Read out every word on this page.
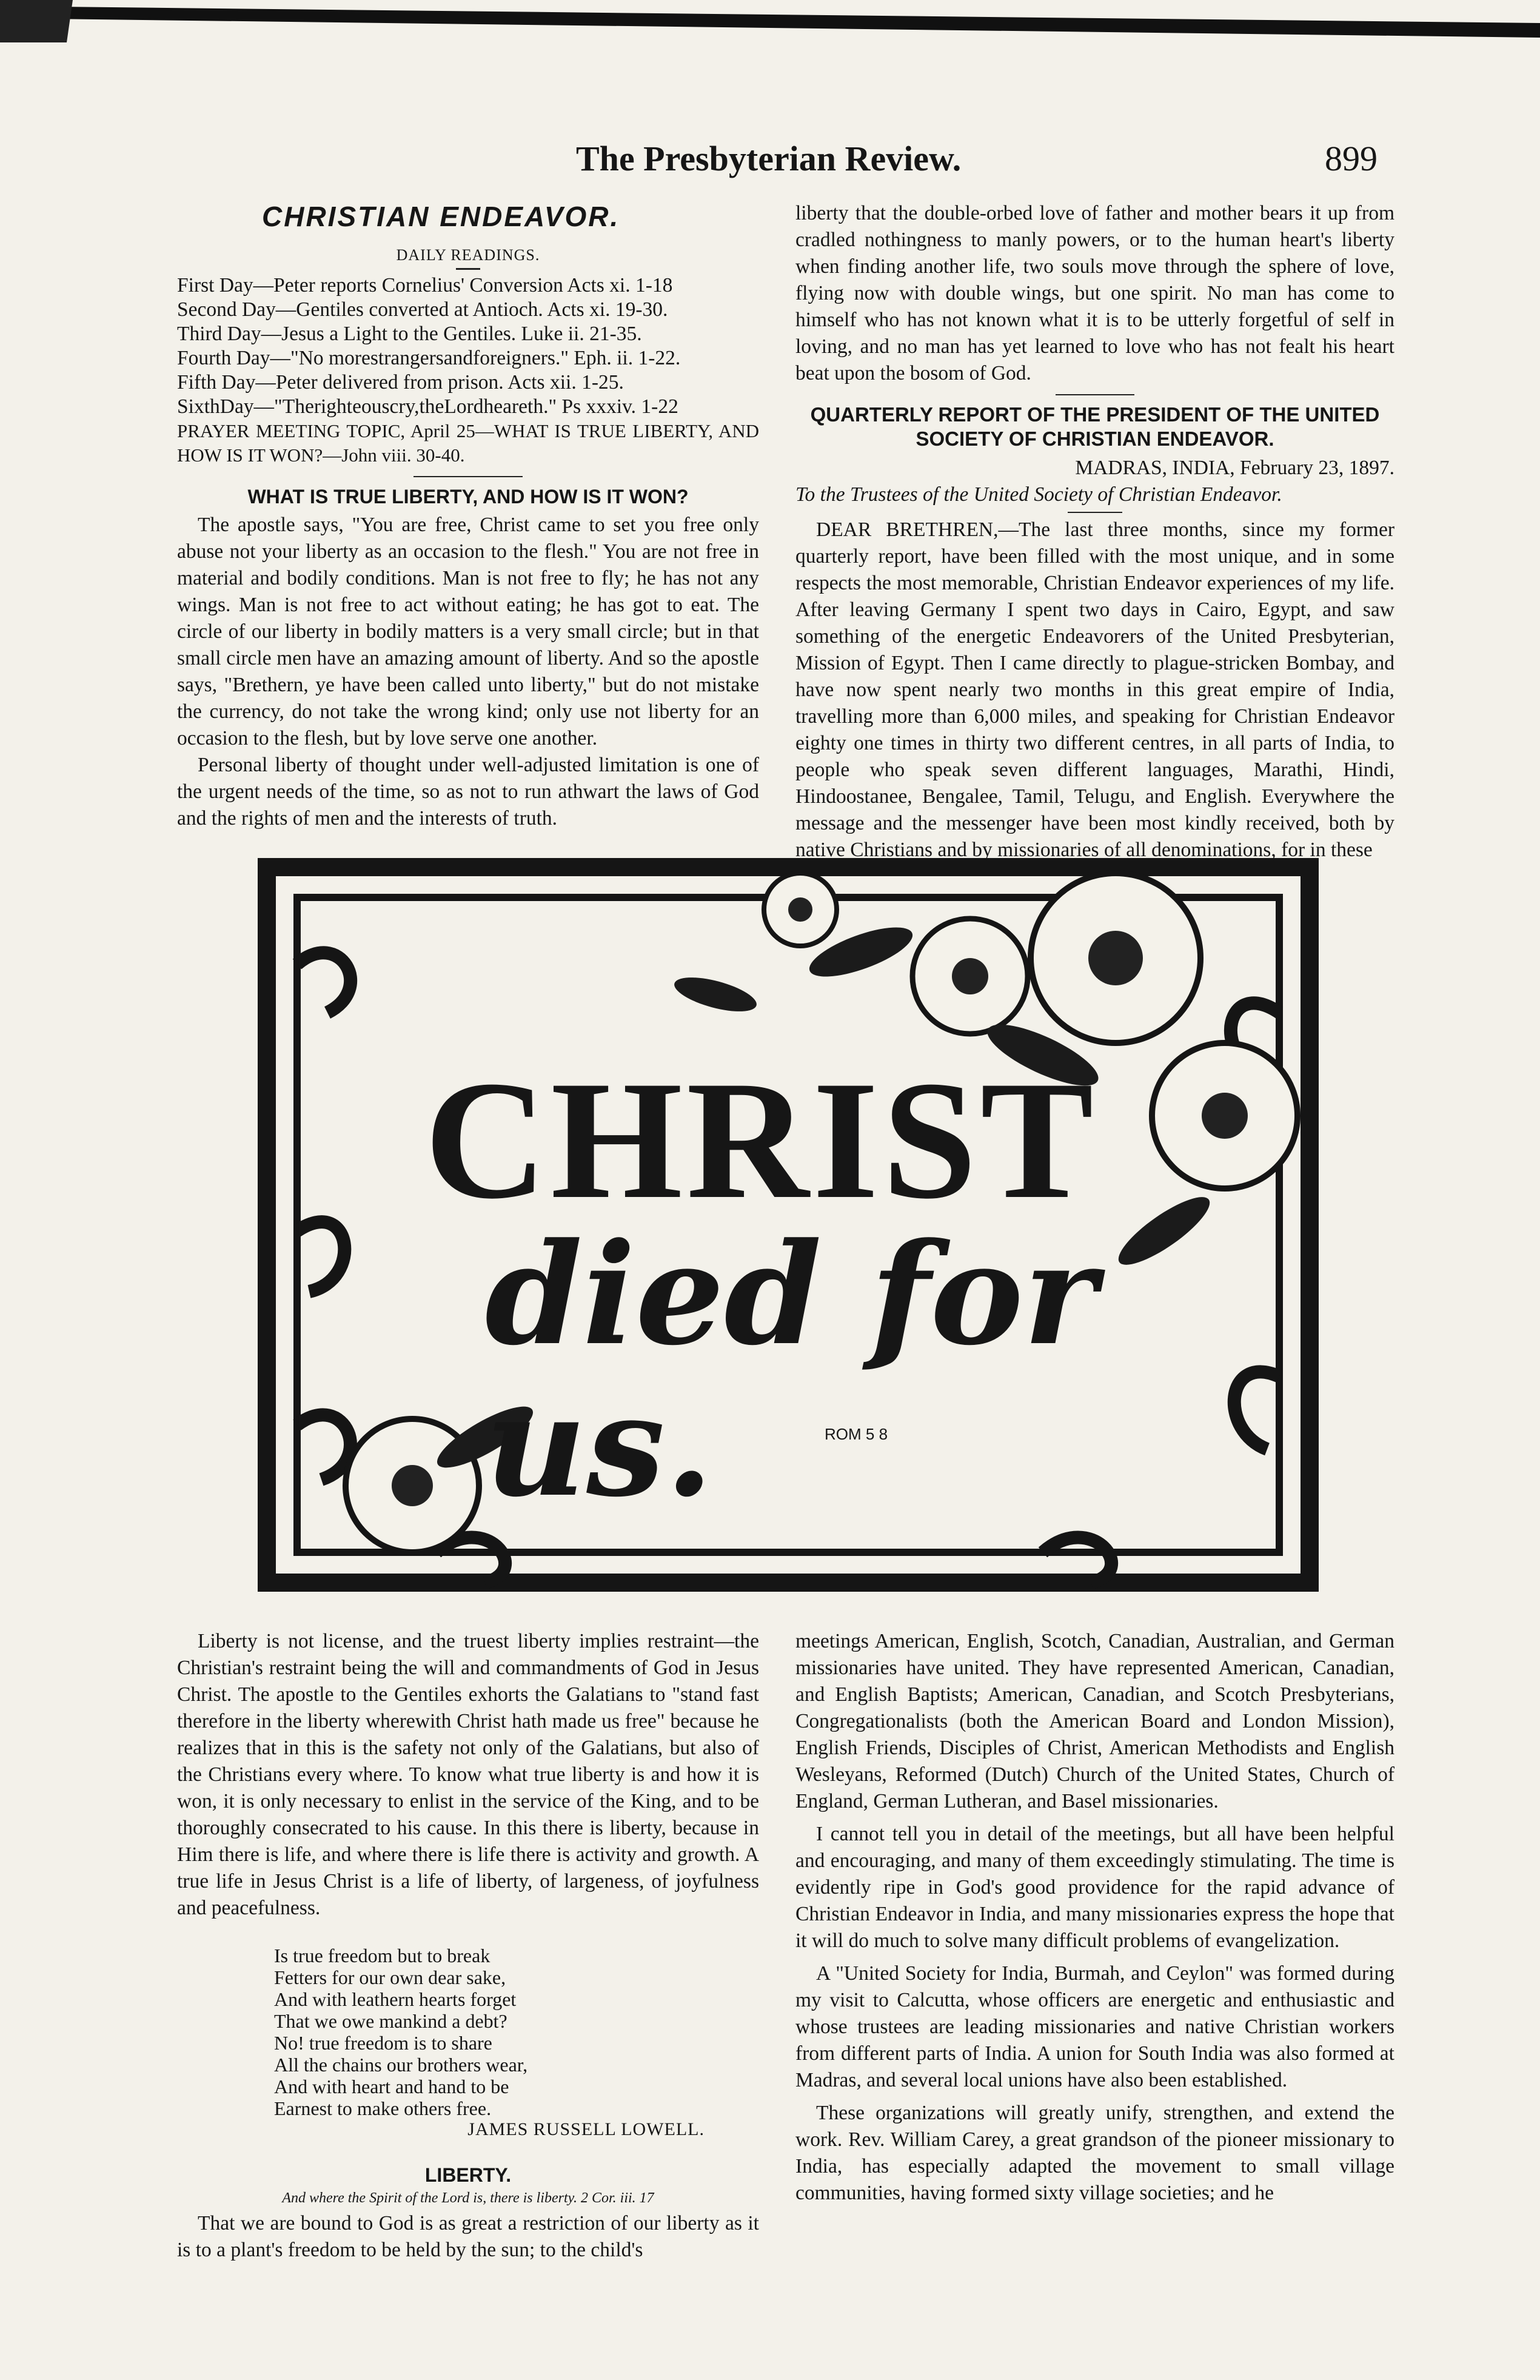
The Presbyterian Review.	899
CHRISTIAN ENDEAVOR.
DAILY READINGS.
First Day—Peter reports Cornelius' Conversion Acts xi. 1-18
Second Day—Gentiles converted at Antioch. Acts xi. 19-30.
Third Day—Jesus a Light to the Gentiles. Luke ii. 21-35.
Fourth Day—"No morestrangersandforeigners." Eph. ii. 1-22.
Fifth Day—Peter delivered from prison. Acts xii. 1-25.
SixthDay—"Therighteouscry,theLordheareth." Ps xxxiv. 1-22
PRAYER MEETING TOPIC, April 25—WHAT IS TRUE LIBERTY, AND HOW IS IT WON?—John viii. 30-40.
WHAT IS TRUE LIBERTY, AND HOW IS IT WON?

The apostle says, "You are free, Christ came to set you free only abuse not your liberty as an occasion to the flesh." You are not free in material and bodily conditions. Man is not free to fly; he has not any wings. Man is not free to act without eating; he has got to eat. The circle of our liberty in bodily matters is a very small circle; but in that small circle men have an amazing amount of liberty. And so the apostle says, "Brethern, ye have been called unto liberty," but do not mistake the currency, do not take the wrong kind; only use not liberty for an occasion to the flesh, but by love serve one another.

Personal liberty of thought under well-adjusted limitation is one of the urgent needs of the time, so as not to run athwart the laws of God and the rights of men and the interests of truth.

liberty that the double-orbed love of father and mother bears it up from cradled nothingness to manly powers, or to the human heart's liberty when finding another life, two souls move through the sphere of love, flying now with double wings, but one spirit. No man has come to himself who has not known what it is to be utterly forgetful of self in loving, and no man has yet learned to love who has not fealt his heart beat upon the bosom of God.

QUARTERLY REPORT OF THE PRESIDENT OF THE UNITED SOCIETY OF CHRISTIAN ENDEAVOR.
MADRAS, INDIA, February 23, 1897.
To the Trustees of the United Society of Christian Endeavor.

DEAR BRETHREN,—The last three months, since my former quarterly report, have been filled with the most unique, and in some respects the most memorable, Christian Endeavor experiences of my life. After leaving Germany I spent two days in Cairo, Egypt, and saw something of the energetic Endeavorers of the United Presbyterian, Mission of Egypt. Then I came directly to plague-stricken Bombay, and have now spent nearly two months in this great empire of India, travelling more than 6,000 miles, and speaking for Christian Endeavor eighty one times in thirty two different centres, in all parts of India, to people who speak seven different languages, Marathi, Hindi, Hindoostanee, Bengalee, Tamil, Telugu, and English. Everywhere the message and the messenger have been most kindly received, both by native Christians and by missionaries of all denominations, for in these

CHRIST
died for us.	ROM 5 8

Liberty is not license, and the truest liberty implies restraint—the Christian's restraint being the will and commandments of God in Jesus Christ. The apostle to the Gentiles exhorts the Galatians to "stand fast therefore in the liberty wherewith Christ hath made us free" because he realizes that in this is the safety not only of the Galatians, but also of the Christians every where. To know what true liberty is and how it is won, it is only necessary to enlist in the service of the King, and to be thoroughly consecrated to his cause. In this there is liberty, because in Him there is life, and where there is life there is activity and growth. A true life in Jesus Christ is a life of liberty, of largeness, of joyfulness and peacefulness.

Is true freedom but to break
Fetters for our own dear sake,
And with leathern hearts forget
That we owe mankind a debt?
No! true freedom is to share
All the chains our brothers wear,
And with heart and hand to be
Earnest to make others free.
JAMES RUSSELL LOWELL.
LIBERTY.
And where the Spirit of the Lord is, there is liberty. 2 Cor. iii. 17

That we are bound to God is as great a restriction of our liberty as it is to a plant's freedom to be held by the sun; to the child's

meetings American, English, Scotch, Canadian, Australian, and German missionaries have united. They have represented American, Canadian, and English Baptists; American, Canadian, and Scotch Presbyterians, Congregationalists (both the American Board and London Mission), English Friends, Disciples of Christ, American Methodists and English Wesleyans, Reformed (Dutch) Church of the United States, Church of England, German Lutheran, and Basel missionaries.

I cannot tell you in detail of the meetings, but all have been helpful and encouraging, and many of them exceedingly stimulating. The time is evidently ripe in God's good providence for the rapid advance of Christian Endeavor in India, and many missionaries express the hope that it will do much to solve many difficult problems of evangelization.

A "United Society for India, Burmah, and Ceylon" was formed during my visit to Calcutta, whose officers are energetic and enthusiastic and whose trustees are leading missionaries and native Christian workers from different parts of India. A union for South India was also formed at Madras, and several local unions have also been established.

These organizations will greatly unify, strengthen, and extend the work. Rev. William Carey, a great grandson of the pioneer missionary to India, has especially adapted the movement to small village communities, having formed sixty village societies; and he
